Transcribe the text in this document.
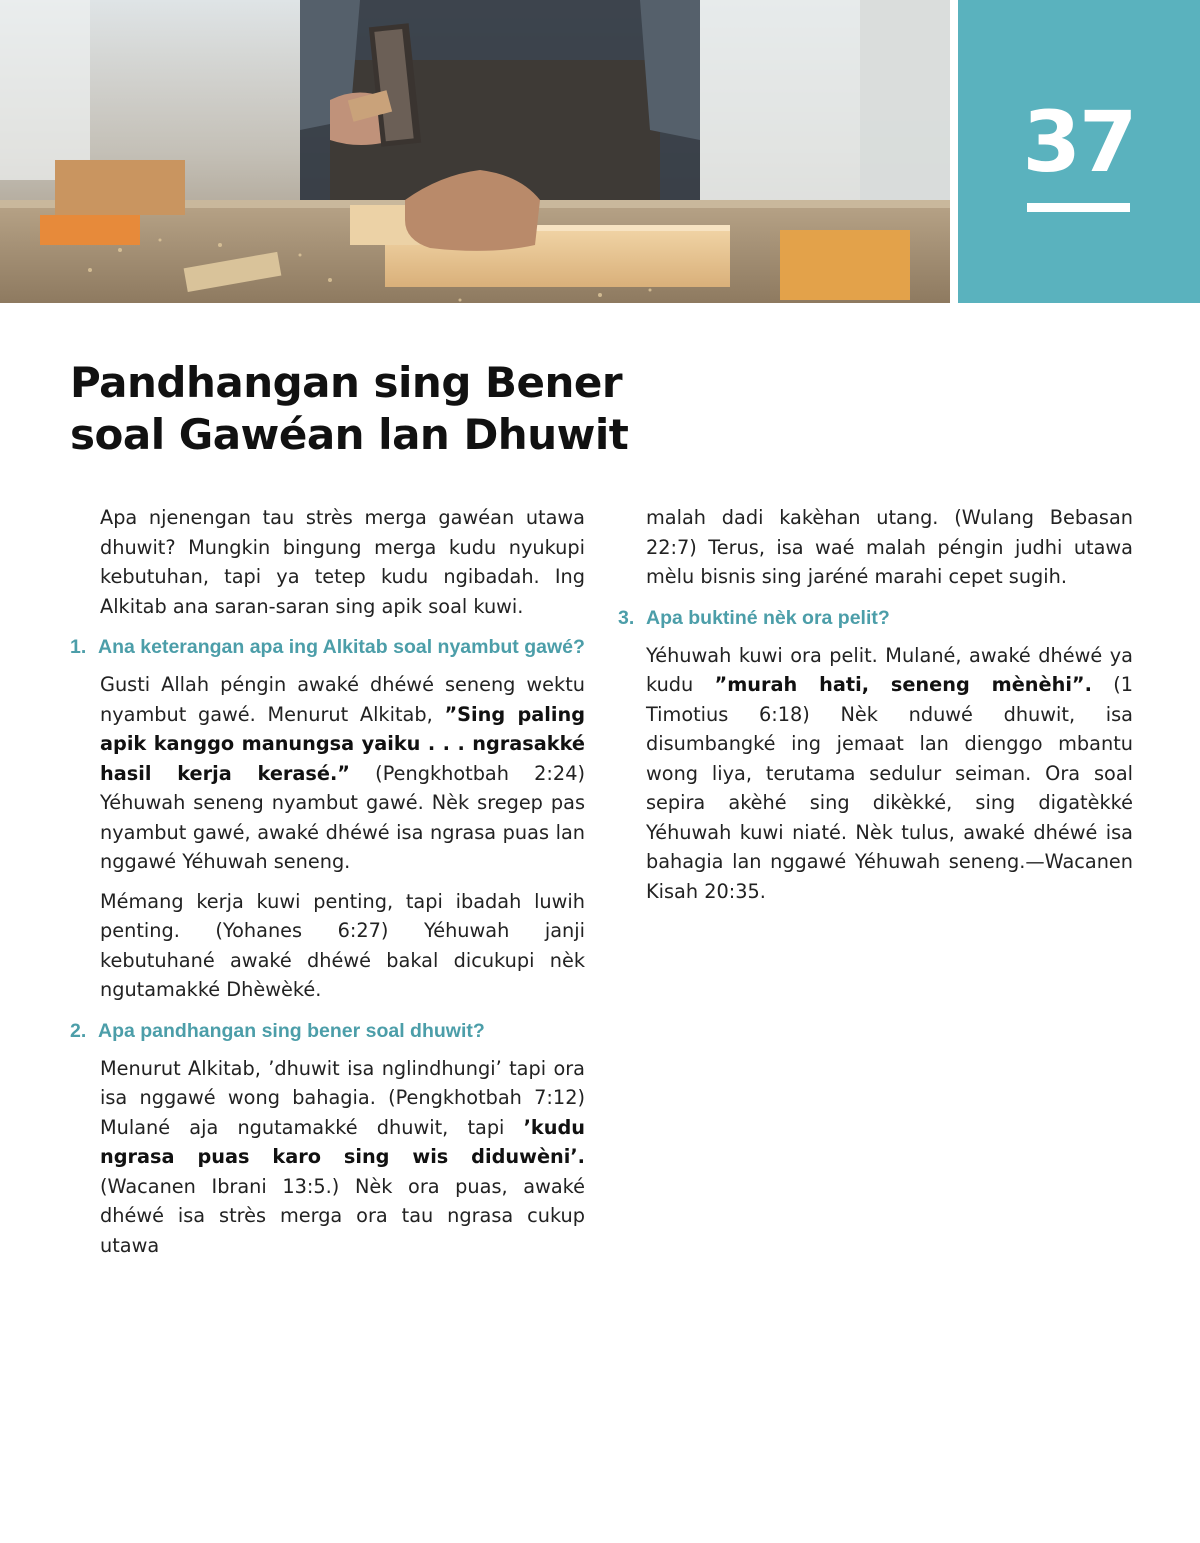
37
Pandhangan sing Bener
soal Gawéan lan Dhuwit

Apa njenengan tau strès merga gawéan utawa dhuwit? Mungkin bingung merga kudu nyukupi kebutuhan, tapi ya tetep kudu ngibadah. Ing Alkitab ana saran-saran sing apik soal kuwi.

1. Ana keterangan apa ing Alkitab soal nyambut gawé?

Gusti Allah péngin awaké dhéwé seneng wektu nyambut gawé. Menurut Alkitab, ”Sing paling apik kanggo manungsa yaiku . . . ngrasakké hasil kerja kerasé.” (Pengkhotbah 2:24) Yéhuwah seneng nyambut gawé. Nèk sregep pas nyambut gawé, awaké dhéwé isa ngrasa puas lan nggawé Yéhuwah seneng.

Mémang kerja kuwi penting, tapi ibadah luwih penting. (Yohanes 6:27) Yéhuwah janji kebutuhané awaké dhéwé bakal dicukupi nèk ngutamakké Dhèwèké.

2. Apa pandhangan sing bener soal dhuwit?

Menurut Alkitab, ’dhuwit isa nglindhungi’ tapi ora isa nggawé wong bahagia. (Pengkhotbah 7:12) Mulané aja ngutamakké dhuwit, tapi ’kudu ngrasa puas karo sing wis diduwèni’. (Wacanen Ibrani 13:5.) Nèk ora puas, awaké dhéwé isa strès merga ora tau ngrasa cukup utawa

malah dadi kakèhan utang. (Wulang Bebasan 22:7) Terus, isa waé malah péngin judhi utawa mèlu bisnis sing jaréné marahi cepet sugih.

3. Apa buktiné nèk ora pelit?

Yéhuwah kuwi ora pelit. Mulané, awaké dhéwé ya kudu ”murah hati, seneng mènèhi”. (1 Timotius 6:18) Nèk nduwé dhuwit, isa disumbangké ing jemaat lan dienggo mbantu wong liya, terutama sedulur seiman. Ora soal sepira akèhé sing dikèkké, sing digatèkké Yéhuwah kuwi niaté. Nèk tulus, awaké dhéwé isa bahagia lan nggawé Yéhuwah seneng.—Wacanen Kisah 20:35.
